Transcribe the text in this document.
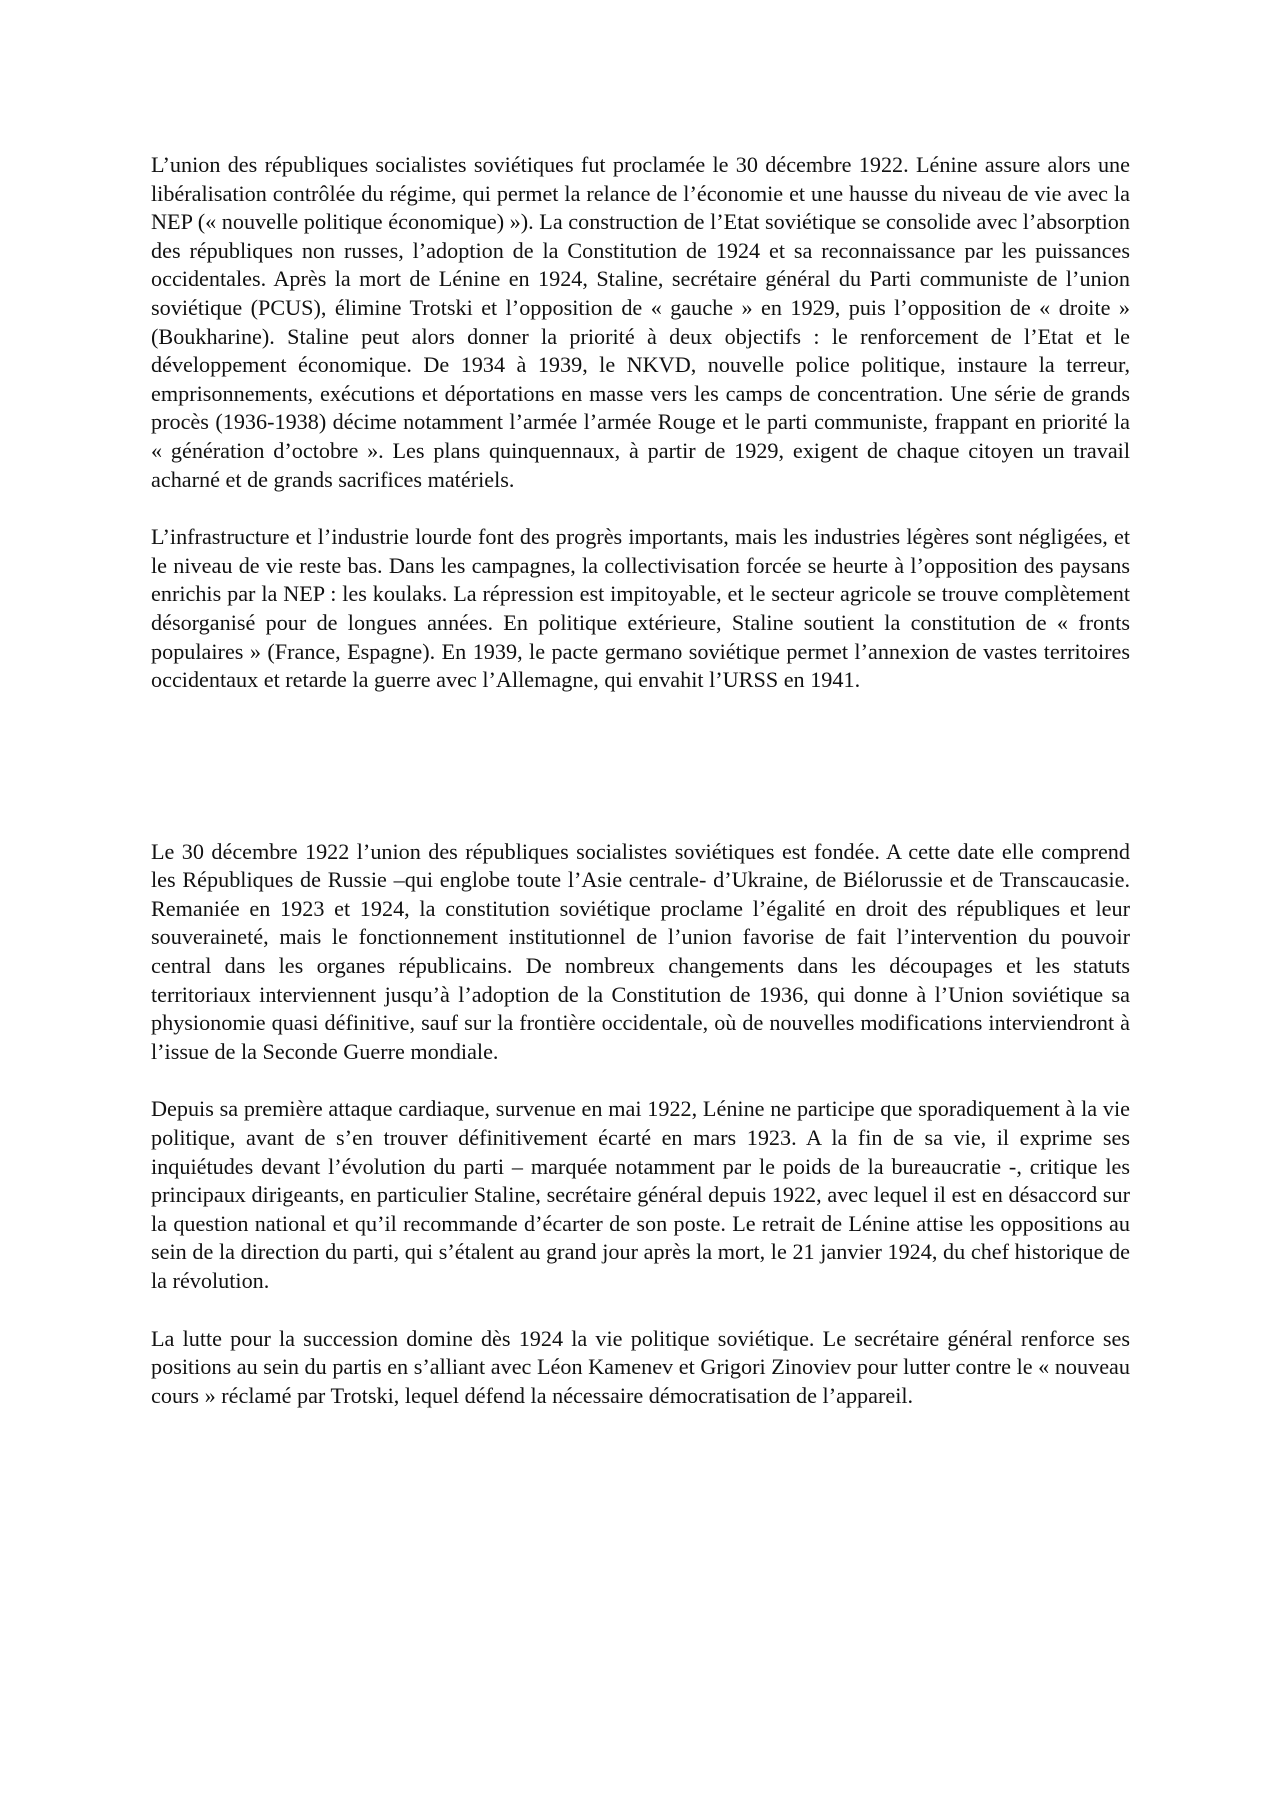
L’union des républiques socialistes soviétiques fut proclamée le 30 décembre 1922. Lénine assure alors une libéralisation contrôlée du régime, qui permet la relance de l’économie et une hausse du niveau de vie avec la NEP (« nouvelle politique économique) »). La construction de l’Etat soviétique se consolide avec l’absorption des républiques non russes, l’adoption de la Constitution de 1924 et sa reconnaissance par les puissances occidentales. Après la mort de Lénine en 1924, Staline, secrétaire général du Parti communiste de l’union soviétique (PCUS), élimine Trotski et l’opposition de « gauche » en 1929, puis l’opposition de « droite » (Boukharine). Staline peut alors donner la priorité à deux objectifs : le renforcement de l’Etat et le développement économique. De 1934 à 1939, le NKVD, nouvelle police politique, instaure la terreur, emprisonnements, exécutions et déportations en masse vers les camps de concentration. Une série de grands procès (1936-1938) décime notamment l’armée l’armée Rouge et le parti communiste, frappant en priorité la « génération d’octobre ». Les plans quinquennaux, à partir de 1929, exigent de chaque citoyen un travail acharné et de grands sacrifices matériels.

L’infrastructure et l’industrie lourde font des progrès importants, mais les industries légères sont négligées, et le niveau de vie reste bas. Dans les campagnes, la collectivisation forcée se heurte à l’opposition des paysans enrichis par la NEP : les koulaks. La répression est impitoyable, et le secteur agricole se trouve complètement désorganisé pour de longues années. En politique extérieure, Staline soutient la constitution de « fronts populaires » (France, Espagne). En 1939, le pacte germano soviétique permet l’annexion de vastes territoires occidentaux et retarde la guerre avec l’Allemagne, qui envahit l’URSS en 1941.

Le 30 décembre 1922 l’union des républiques socialistes soviétiques est fondée. A cette date elle comprend les Républiques de Russie –qui englobe toute l’Asie centrale- d’Ukraine, de Biélorussie et de Transcaucasie. Remaniée en 1923 et 1924, la constitution soviétique proclame l’égalité en droit des républiques et leur souveraineté, mais le fonctionnement institutionnel de l’union favorise de fait l’intervention du pouvoir central dans les organes républicains. De nombreux changements dans les découpages et les statuts territoriaux interviennent jusqu’à l’adoption de la Constitution de 1936, qui donne à l’Union soviétique sa physionomie quasi définitive, sauf sur la frontière occidentale, où de nouvelles modifications interviendront à l’issue de la Seconde Guerre mondiale.

Depuis sa première attaque cardiaque, survenue en mai 1922, Lénine ne participe que sporadiquement à la vie politique, avant de s’en trouver définitivement écarté en mars 1923. A la fin de sa vie, il exprime ses inquiétudes devant l’évolution du parti – marquée notamment par le poids de la bureaucratie -, critique les principaux dirigeants, en particulier Staline, secrétaire général depuis 1922, avec lequel il est en désaccord sur la question national et qu’il recommande d’écarter de son poste. Le retrait de Lénine attise les oppositions au sein de la direction du parti, qui s’étalent au grand jour après la mort, le 21 janvier 1924, du chef historique de la révolution.

La lutte pour la succession domine dès 1924 la vie politique soviétique. Le secrétaire général renforce ses positions au sein du partis en s’alliant avec Léon Kamenev et Grigori Zinoviev pour lutter contre le « nouveau cours » réclamé par Trotski, lequel défend la nécessaire démocratisation de l’appareil.
